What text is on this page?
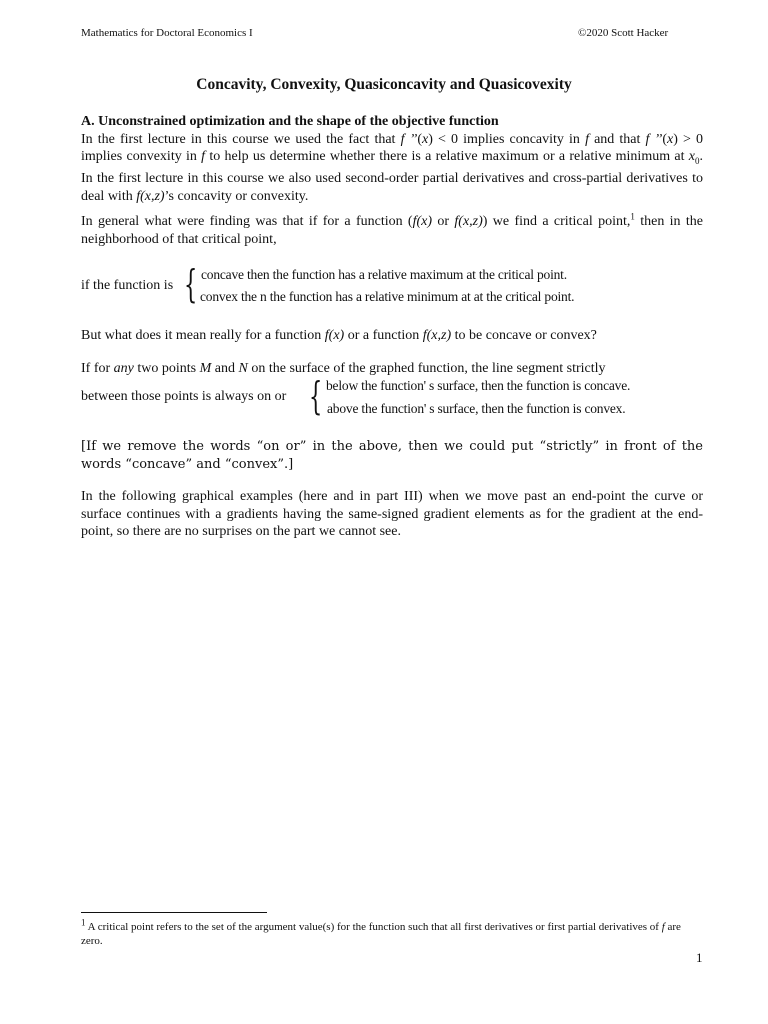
Mathematics for Doctoral Economics I	©2020 Scott Hacker
Concavity, Convexity, Quasiconcavity and Quasicovexity
A. Unconstrained optimization and the shape of the objective function
In the first lecture in this course we used the fact that f ’’(x) < 0 implies concavity in f and that f ’’(x) > 0 implies convexity in f to help us determine whether there is a relative maximum or a relative minimum at $x_0$. In the first lecture in this course we also used second-order partial derivatives and cross-partial derivatives to deal with f(x,z)’s concavity or convexity.
In general what were finding was that if for a function (f(x) or f(x,z)) we find a critical point,$^1$ then in the neighborhood of that critical point,
if the function is { concave then the function has a relative maximum at the critical point.
convex the n the function has a relative minimum at at the critical point.
But what does it mean really for a function f(x) or a function f(x,z) to be concave or convex?
If for any two points M and N on the surface of the graphed function, the line segment strictly
between those points is always on or { below the function' s surface, then the function is concave.
above the function' s surface, then the function is convex.
[If we remove the words “on or” in the above, then we could put “strictly” in front of the words “concave” and “convex”.]
In the following graphical examples (here and in part III) when we move past an end-point the curve or surface continues with a gradients having the same-signed gradient elements as for the gradient at the end-point, so there are no surprises on the part we cannot see.
$^1$ A critical point refers to the set of the argument value(s) for the function such that all first derivatives or first partial derivatives of f are zero.
1
